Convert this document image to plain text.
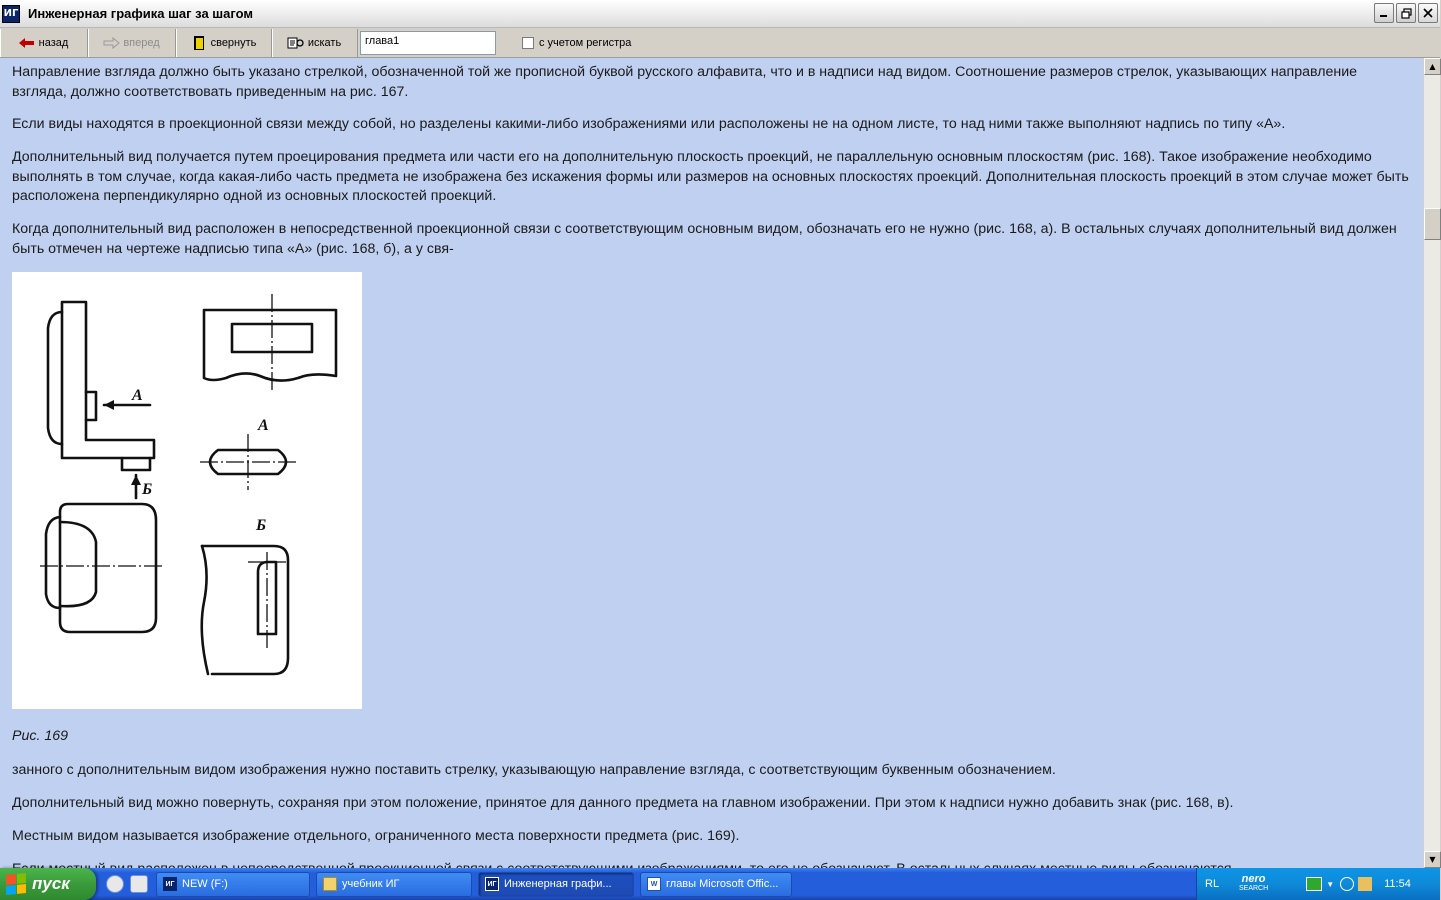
ИГ Инженерная графика шаг за шагом
назад	вперед	свернуть	искать	глава1	с учетом регистра

Направление взгляда должно быть указано стрелкой, обозначенной той же прописной буквой русского алфавита, что и в надписи над видом. Соотношение размеров стрелок, указывающих направление взгляда, должно соответствовать приведенным на рис. 167.

Если виды находятся в проекционной связи между собой, но разделены какими-либо изображениями или расположены не на одном листе, то над ними также выполняют надпись по типу «А».

Дополнительный вид получается путем проецирования предмета или части его на дополнительную плоскость проекций, не параллельную основным плоскостям (рис. 168). Такое изображение необходимо выполнять в том случае, когда какая-либо часть предмета не изображена без искажения формы или размеров на основных плоскостях проекций. Дополнительная плоскость проекций в этом случае может быть расположена перпендикулярно одной из основных плоскостей проекций.

Когда дополнительный вид расположен в непосредственной проекционной связи с соответствующим основным видом, обозначать его не нужно (рис. 168, а). В остальных случаях дополнительный вид должен быть отмечен на чертеже надписью типа «А» (рис. 168, б), а у свя-

А
А
Б
Б

Рис. 169

занного с дополнительным видом изображения нужно поставить стрелку, указывающую направление взгляда, с соответствующим буквенным обозначением.

Дополнительный вид можно повернуть, сохраняя при этом положение, принятое для данного предмета на главном изображении. При этом к надписи нужно добавить знак (рис. 168, в).

Местным видом называется изображение отдельного, ограниченного места поверхности предмета (рис. 169).

▲
▼
пуск	ИГ NEW (F:)	учебник ИГ	ИГ Инженерная графи...	W главы Microsoft Offic...	RL	nero
SEARCH	▼	11:54
